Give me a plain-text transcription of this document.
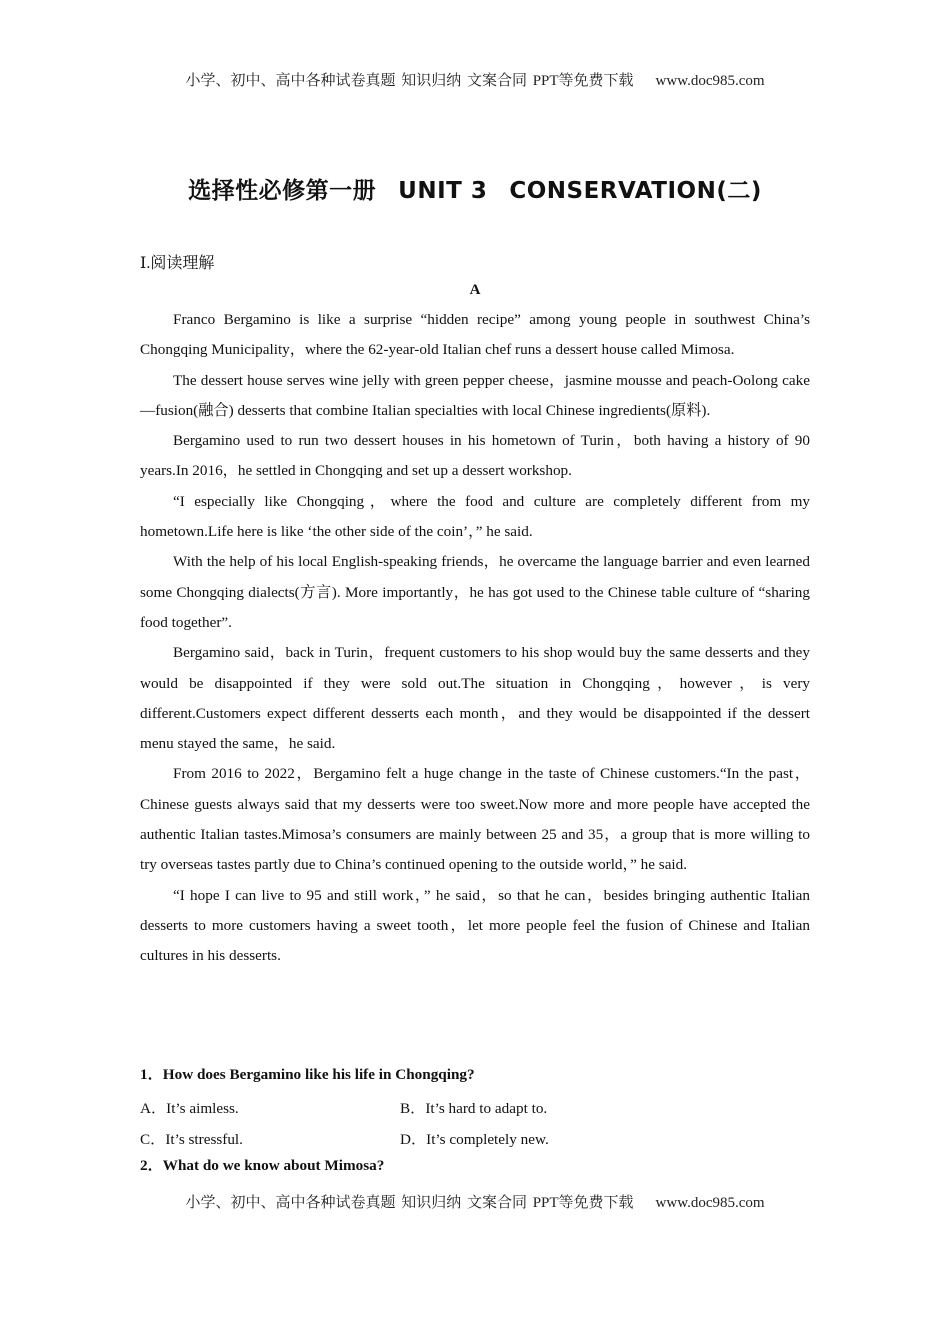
小学、初中、高中各种试卷真题 知识归纳 文案合同 PPT等免费下载 www.doc985.com
选择性必修第一册 UNIT 3 CONSERVATION(二)
Ⅰ.阅读理解
A

Franco Bergamino is like a surprise “hidden recipe” among young people in southwest China’s Chongqing Municipality，where the 62-year-old Italian chef runs a dessert house called Mimosa.

The dessert house serves wine jelly with green pepper cheese，jasmine mousse and peach-Oolong cake—fusion(融合) desserts that combine Italian specialties with local Chinese ingredients(原料).

Bergamino used to run two dessert houses in his hometown of Turin，both having a history of 90 years.In 2016，he settled in Chongqing and set up a dessert workshop.

“I especially like Chongqing，where the food and culture are completely different from my hometown.Life here is like ‘the other side of the coin’，” he said.

With the help of his local English-speaking friends，he overcame the language barrier and even learned some Chongqing dialects(方言). More importantly，he has got used to the Chinese table culture of “sharing food together”.

Bergamino said，back in Turin，frequent customers to his shop would buy the same desserts and they would be disappointed if they were sold out.The situation in Chongqing，however，is very different.Customers expect different desserts each month，and they would be disappointed if the dessert menu stayed the same，he said.

From 2016 to 2022，Bergamino felt a huge change in the taste of Chinese customers.“In the past，Chinese guests always said that my desserts were too sweet.Now more and more people have accepted the authentic Italian tastes.Mimosa’s consumers are mainly between 25 and 35，a group that is more willing to try overseas tastes partly due to China’s continued opening to the outside world，” he said.

“I hope I can live to 95 and still work，” he said，so that he can，besides bringing authentic Italian desserts to more customers having a sweet tooth，let more people feel the fusion of Chinese and Italian cultures in his desserts.

1．How does Bergamino like his life in Chongqing?
A．It’s aimless.	B．It’s hard to adapt to.
C．It’s stressful.	D．It’s completely new.
2．What do we know about Mimosa?
小学、初中、高中各种试卷真题 知识归纳 文案合同 PPT等免费下载 www.doc985.com
